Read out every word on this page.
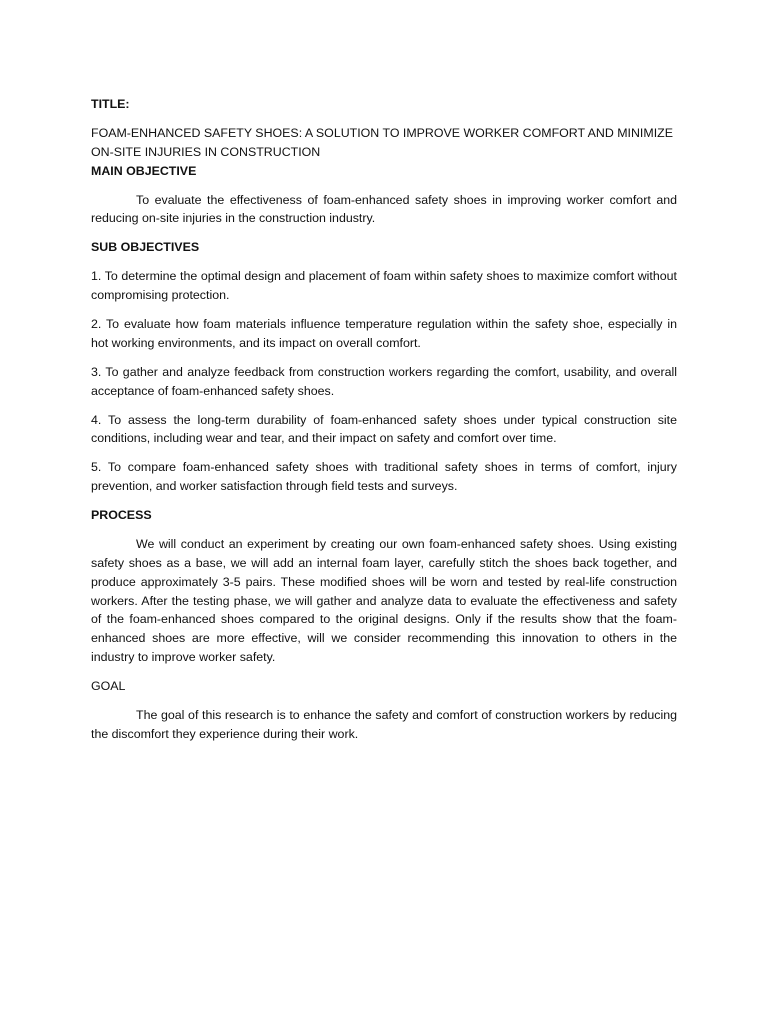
TITLE:

FOAM-ENHANCED SAFETY SHOES: A SOLUTION TO IMPROVE WORKER COMFORT AND MINIMIZE ON-SITE INJURIES IN CONSTRUCTION

MAIN OBJECTIVE

To evaluate the effectiveness of foam-enhanced safety shoes in improving worker comfort and reducing on-site injuries in the construction industry.

SUB OBJECTIVES

1. To determine the optimal design and placement of foam within safety shoes to maximize comfort without compromising protection.

2. To evaluate how foam materials influence temperature regulation within the safety shoe, especially in hot working environments, and its impact on overall comfort.

3. To gather and analyze feedback from construction workers regarding the comfort, usability, and overall acceptance of foam-enhanced safety shoes.

4. To assess the long-term durability of foam-enhanced safety shoes under typical construction site conditions, including wear and tear, and their impact on safety and comfort over time.

5. To compare foam-enhanced safety shoes with traditional safety shoes in terms of comfort, injury prevention, and worker satisfaction through field tests and surveys.

PROCESS

We will conduct an experiment by creating our own foam-enhanced safety shoes. Using existing safety shoes as a base, we will add an internal foam layer, carefully stitch the shoes back together, and produce approximately 3-5 pairs. These modified shoes will be worn and tested by real-life construction workers. After the testing phase, we will gather and analyze data to evaluate the effectiveness and safety of the foam-enhanced shoes compared to the original designs. Only if the results show that the foam-enhanced shoes are more effective, will we consider recommending this innovation to others in the industry to improve worker safety.

GOAL

The goal of this research is to enhance the safety and comfort of construction workers by reducing the discomfort they experience during their work.
